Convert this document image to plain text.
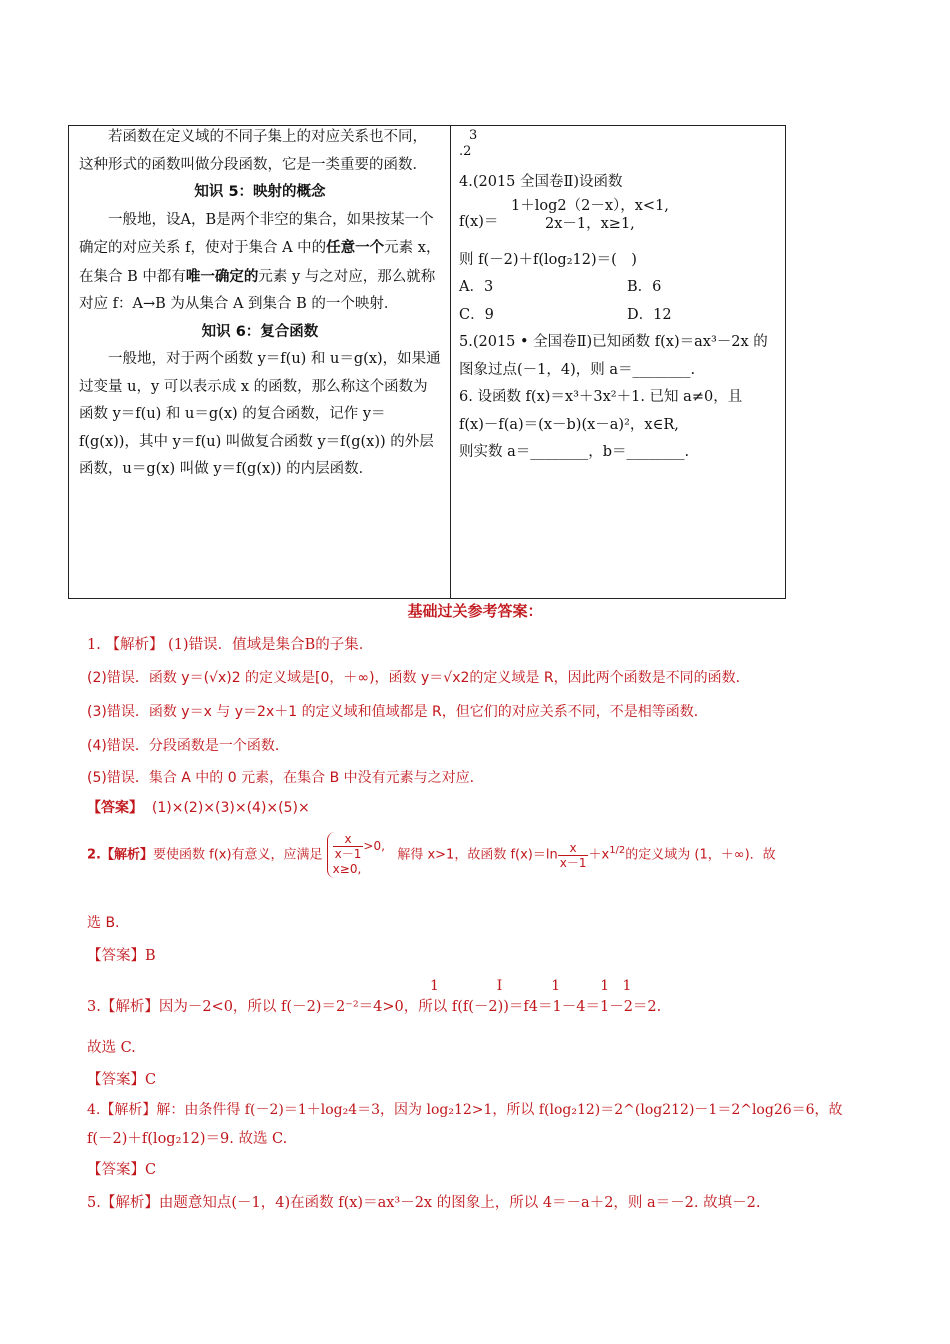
若函数在定义域的不同子集上的对应关系也不同，这种形式的函数叫做分段函数，它是一类重要的函数．

知识 5：映射的概念

一般地，设A，B是两个非空的集合，如果按某一个确定的对应关系 f，使对于集合 A 中的任意一个元素 x，在集合 B 中都有唯一确定的元素 y 与之对应，那么就称对应 f：A→B 为从集合 A 到集合 B 的一个映射．

知识 6：复合函数

一般地，对于两个函数 y＝f(u) 和 u＝g(x)，如果通过变量 u，y 可以表示成 x 的函数，那么称这个函数为函数 y＝f(u) 和 u＝g(x) 的复合函数，记作 y＝f(g(x))，其中 y＝f(u) 叫做复合函数 y＝f(g(x)) 的外层函数，u＝g(x) 叫做 y＝f(g(x)) 的内层函数．

3

.2

4.(2015 全国卷Ⅱ)设函数

f(x)＝
1＋log2（2－x），x<1,
2x－1，x≥1,

则 f(－2)＋f(log₂12)＝(　)

A．3	B．6

C．9	D．12

5.(2015 • 全国卷Ⅱ)已知函数 f(x)＝ax³－2x 的图象过点(－1，4)，则 a＝________.

6. 设函数 f(x)＝x³＋3x²＋1. 已知 a≠0，且

f(x)－f(a)＝(x－b)(x－a)²，x∈R,

则实数 a＝________，b＝________.

基础过关参考答案：

1. 【解析】 (1)错误．值域是集合B的子集．

(2)错误．函数 y＝(√x)2 的定义域是[0，＋∞)，函数 y＝√x2的定义域是 R，因此两个函数是不同的函数．

(3)错误．函数 y＝x 与 y＝2x＋1 的定义域和值域都是 R，但它们的对应关系不同，不是相等函数．

(4)错误．分段函数是一个函数．

(5)错误．集合 A 中的 0 元素，在集合 B 中没有元素与之对应．

【答案】 (1)×(2)×(3)×(4)×(5)×

2.【解析】要使函数 f(x)有意义，应满足 $\frac{x}{x-1} >0$,
x≥0,   解得 x>1，故函数 $f(x)=\ln \frac{x}{x-1} +x^{1/2}$的定义域为 (1，＋∞)．故

选 B.

【答案】B

1             I           1         1   1

3.【解析】因为－2<0，所以 f(－2)＝2⁻²＝4>0，所以 f(f(－2))＝f4＝1－4＝1－2＝2.

故选 C.

【答案】C

4.【解析】解：由条件得 f(－2)＝1＋log₂4＝3，因为 log₂12>1，所以 f(log₂12)＝2^(log212)－1＝2^log26＝6，故

f(－2)＋f(log₂12)＝9. 故选 C.

【答案】C

5.【解析】由题意知点(－1，4)在函数 f(x)＝ax³－2x 的图象上，所以 4＝－a＋2，则 a＝－2. 故填－2.
